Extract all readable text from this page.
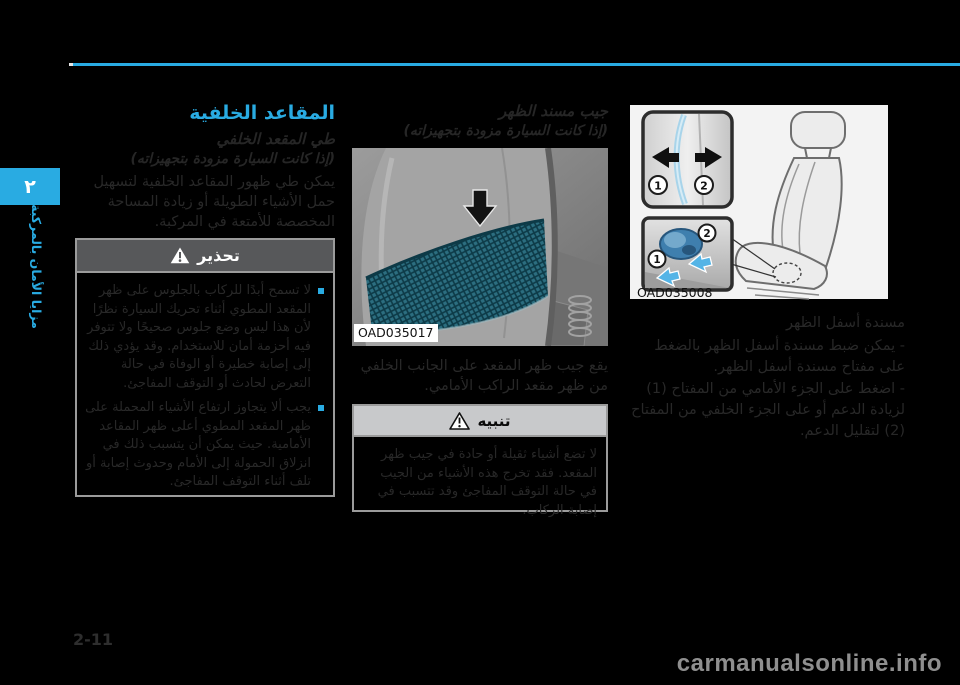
٢
مزايا الأمان بالمركبة
المقاعد الخلفية
طي المقعد الخلفي
(إذا كانت السيارة مزودة بتجهيزاته)
يمكن طي ظهور المقاعد الخلفية لتسهيل حمل الأشياء الطويلة أو زيادة المساحة المخصصة للأمتعة في المركبة.
تحذير
لا تسمح أبدًا للركاب بالجلوس على ظهر المقعد المطوي أثناء تحريك السيارة نظرًا لأن هذا ليس وضع جلوس صحيحًا ولا تتوفر فيه أحزمة أمان للاستخدام. وقد يؤدي ذلك إلى إصابة خطيرة أو الوفاة في حالة التعرض لحادث أو التوقف المفاجئ.
يجب ألا يتجاوز ارتفاع الأشياء المحملة على ظهر المقعد المطوي أعلى ظهر المقاعد الأمامية. حيث يمكن أن يتسبب ذلك في انزلاق الحمولة إلى الأمام وحدوث إصابة أو تلف أثناء التوقف المفاجئ.
جيب مسند الظهر
(إذا كانت السيارة مزودة بتجهيزاته)
OAD035017
يقع جيب ظهر المقعد على الجانب الخلفي من ظهر مقعد الراكب الأمامي.
تنبيه
لا تضع أشياء ثقيلة أو حادة في جيب ظهر المقعد. فقد تخرج هذه الأشياء من الجيب في حالة التوقف المفاجئ وقد تتسبب في إصابة الركاب.
1	2
1
2
OAD035008
مسندة أسفل الظهر
- يمكن ضبط مسندة أسفل الظهر بالضغط على مفتاح مسندة أسفل الظهر.
- اضغط على الجزء الأمامي من المفتاح (1) لزيادة الدعم أو على الجزء الخلفي من المفتاح (2) لتقليل الدعم.
2-11
carmanualsonline.info
